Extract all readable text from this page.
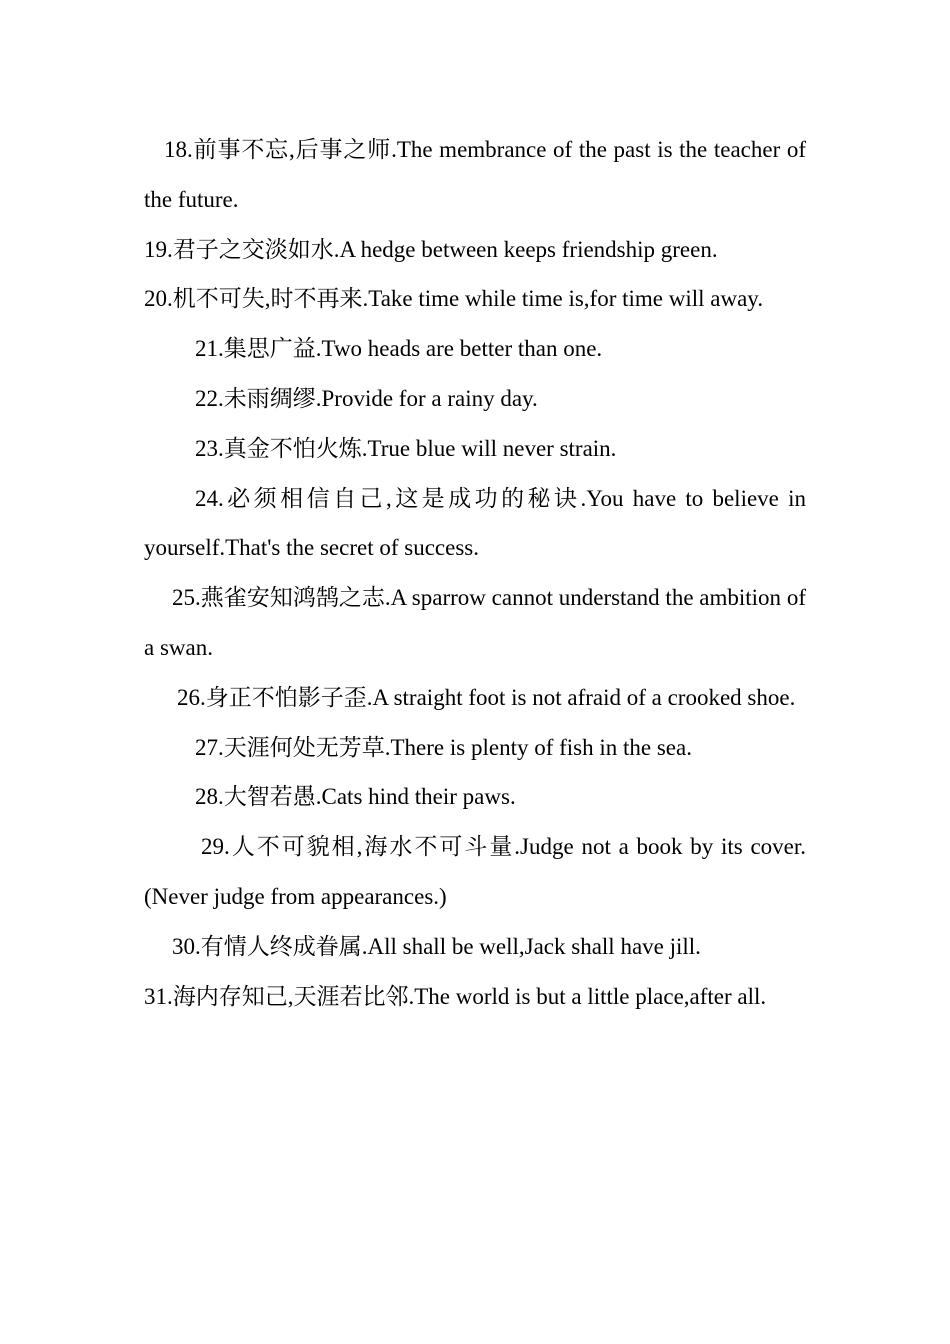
18.前事不忘,后事之师.The membrance of the past is the teacher of the future.

19.君子之交淡如水.A hedge between keeps friendship green.

20.机不可失,时不再来.Take time while time is,for time will away.

21.集思广益.Two heads are better than one.

22.未雨绸缪.Provide for a rainy day.

23.真金不怕火炼.True blue will never strain.

24.必须相信自己,这是成功的秘诀.You have to believe in yourself.That's the secret of success.

25.燕雀安知鸿鹄之志.A sparrow cannot understand the ambition of a swan.

26.身正不怕影子歪.A straight foot is not afraid of a crooked shoe.

27.天涯何处无芳草.There is plenty of fish in the sea.

28.大智若愚.Cats hind their paws.

29.人不可貌相,海水不可斗量.Judge not a book by its cover.(Never judge from appearances.)

30.有情人终成眷属.All shall be well,Jack shall have jill.

31.海内存知己,天涯若比邻.The world is but a little place,after all.
